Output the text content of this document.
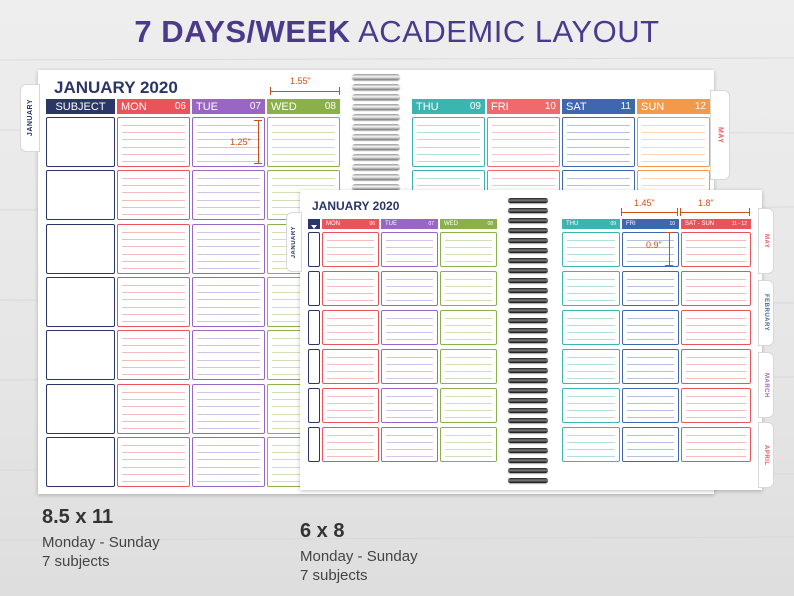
7 DAYS/WEEK ACADEMIC LAYOUT
JANUARY
JANUARY 2020
SUBJECT MON	06 TUE	07 WED	08	THU	09 FRI	10 SAT	11 SUN	12
MAY
1.55"
1.25"
JANUARY
JANUARY 2020
MON	06 TUE	07 WED	08	THU	09 FRI	10 SAT - SUN	11 - 12
MAY
FEBRUARY
MARCH
APRIL
1.45"	1.8"
0.9"
8.5 x 11
Monday - Sunday
7 subjects
6 x 8
Monday - Sunday
7 subjects
